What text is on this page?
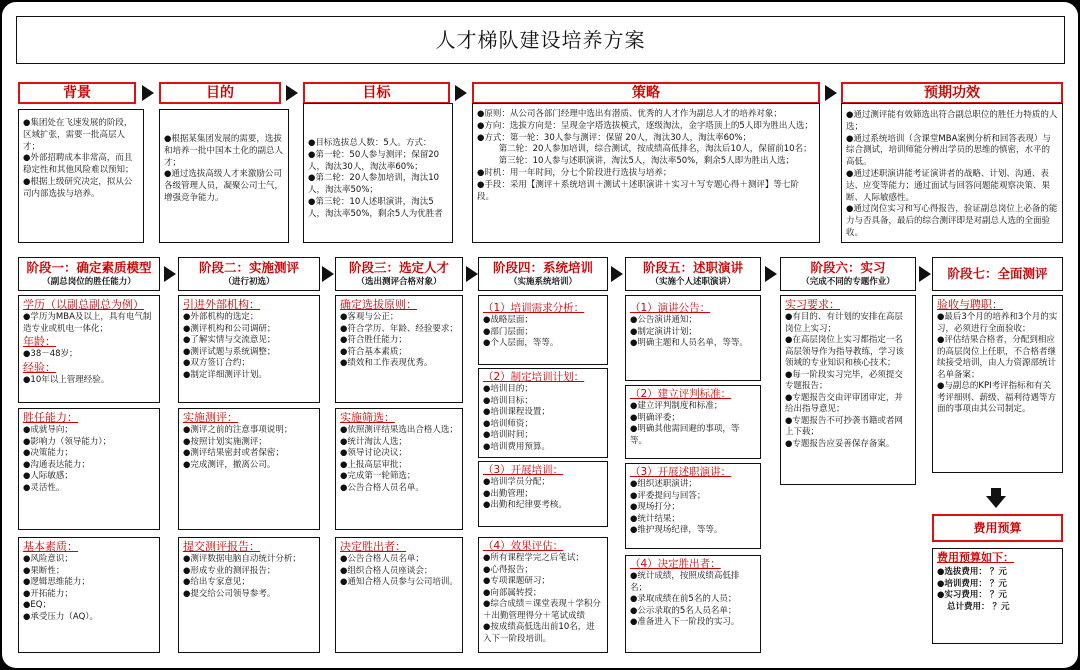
人才梯队建设培养方案
背景	目的	目标	策略	预期功效
●集团处在飞速发展的阶段，区域扩张，需要一批高层人才；
●外部招聘成本非常高，而且稳定性和其他风险难以预知；
●根据上级研究决定，拟从公司内部选拔与培养。
●根据某集团发展的需要，选拔和培养一批中国本土化的副总人才；
●通过选拔高级人才来激励公司各级管理人员，凝聚公司士气，增强竞争能力。
●目标选拔总人数：5人。方式：
●第一轮：50人参与测评；保留20人，淘汰30人，淘汰率60%；
●第二轮：20人参加培训，淘汰10人，淘汰率50%；
●第三轮：10人述职演讲，淘汰5人，淘汰率50%，剩余5人为优胜者
●原则：从公司各部门经理中选出有潜质、优秀的人才作为副总人才的培养对象；
●方向：选拔方向是：呈现金字塔选拔模式，逐级淘汰，金字塔顶上的5人即为胜出人选；
●方式：第一轮：30人参与测评：保留 20人，淘汰30人，淘汰率60%；
第二轮：20人参加培训，综合测试，按成绩高低排名，淘汰后10人，保留前10名；
第三轮：10人参与述职演讲，淘汰5人，淘汰率50%，剩余5人即为胜出人选；
●时机：用一年时间，分七个阶段进行选拔与培养；
●手段：采用【测评＋系统培训＋测试＋述职演讲＋实习＋写专题心得＋测评】等七阶段。
●通过测评能有效筛选出符合副总职位的胜任力特质的人选；
●通过系统培训（含课堂MBA案例分析和回答表现）与综合测试，培训师能分辨出学员的思维的慎密，水平的高低。
●通过述职演讲能考证演讲者的战略、计划、沟通、表达、应变等能力；通过面试与回答问题能观察决策、果断、人际敏感性。
●通过岗位实习和写心得报告，验证副总岗位上必备的能力与否具备，最后的综合测评即是对副总人选的全面验收。
阶段一：确定素质模型
（副总岗位的胜任能力）
阶段二：实施测评
（进行初选）
阶段三：选定人才
（选出测评合格对象）
阶段四：系统培训
（实施系统培训）
阶段五：述职演讲
（实施个人述职演讲）
阶段六：实习
（完成不同的专题作业）
阶段七：全面测评
学历（以副总副总为例）
●学历为MBA及以上，具有电气制造专业或机电一体化；
年龄：
●38－48岁；
经验：
●10年以上管理经验。
胜任能力：
●成就导向；
●影响力（领导能力）；
●决策能力；
●沟通表达能力；
●人际敏感；
●灵活性。
基本素质：
●风险意识；
●果断性；
●逻辑思维能力；
●开拓能力；
●EQ；
●承受压力（AQ）。
引进外部机构：
●外部机构的选定；
●测评机构和公司调研；
●了解实情与交流意见；
●测评试题与系统调整；
●双方签订合约；
●制定详细测评计划。
实施测评：
●测评之前的注意事项说明；
●按照计划实施测评；
●测评结果密封或者保密；
●完成测评，撤离公司。
提交测评报告：
●测评数据电脑自动统计分析；
●形成专业的测评报告；
●给出专家意见；
●提交给公司领导参考。
确定选拔原则：
●客观与公正；
●符合学历、年龄、经验要求；
●符合胜任能力；
●符合基本素质；
●绩效和工作表现优秀。
实施筛选：
●依照测评结果选出合格人选；
●统计淘汰人选；
●领导讨论决议；
●上报高层审批；
●完成第一轮筛选；
●公告合格人员名单。
决定胜出者：
●公告合格人员名单；
●组织合格人员座谈会；
●通知合格人员参与公司培训。
（1）培训需求分析：
●战略层面；
●部门层面；
●个人层面，等等。
（2）制定培训计划：
●培训目的；
●培训目标；
●培训课程设置；
●培训师资；
●培训时间；
●培训费用预算。
（3）开展培训：
●培训学员分配；
●出勤管理；
●出勤和纪律要考核。
（4）效果评估：
●所有课程学完之后笔试；
●心得报告；
●专项课题研习；
●向部属转授；
●综合成绩＝课堂表现＋学积分＋出勤管理得分＋笔试成绩
●按成绩高低选出前10名，进入下一阶段培训。
（1）演讲公告：
●公告演讲通知；
●制定演讲计划；
●明确主题和人员名单，等等。
（2）建立评判标准：
●建立评判制度和标准；
●明确评委；
●明确其他需回避的事项，等等。
（3）开展述职演讲：
●组织述职演讲；
●评委提问与回答；
●现场打分；
●统计结果；
●维护现场纪律，等等。
（4）决定胜出者：
●统计成绩，按照成绩高低排
名；
●录取成绩在前5名的人员；
●公示录取的5名人员名单；
●准备进入下一阶段的实习。
实习要求：
●有目的、有计划的安排在高层岗位上实习；
●在高层岗位上实习都指定一名高层领导作为指导教练，学习该领域的专业知识和核心技术；
●每一阶段实习完毕，必须提交专题报告；
●专题报告交由评审团审定，并给出指导意见；
●专题报告不可抄袭书籍或者网上下载；
●专题报告应妥善保存备案。
验收与聘职：
●最后3个月的培养和3个月的实习，必须进行全面验收；
●评估结果合格者，分配到相应的高层岗位上任职，不合格者继续接受培训，由人力资源部统计名单备案；
●与副总的KPI考评指标和有关考评细则、薪级、福利待遇等方面的事项由其公司制定。
费用预算
费用预算如下：
●选拔费用： ？元
●培训费用： ？元
●实习费用： ？元
总计费用： ？元
